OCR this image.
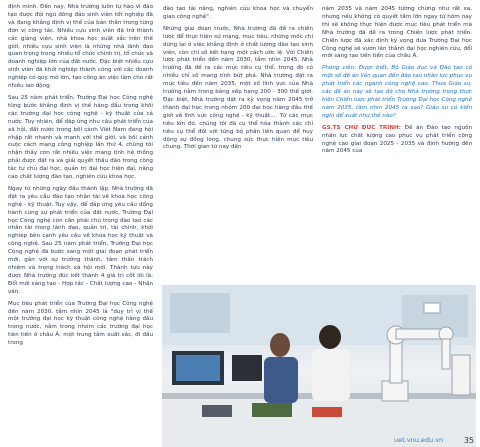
định mình. Đến nay, Nhà trường luôn tự hào vì đào tạo được đội ngũ đông đảo sinh viên tốt nghiệp đã và đang khẳng định vị thế của bản thân trong từng đơn vị công tác. Nhiều cựu sinh viên đã trở thành các giảng viên, nhà khoa học xuất sắc trên thế giới, nhiều cựu sinh viên là những nhà lãnh đạo quan trọng trong nhiều tổ chức chính trị, tổ chức và doanh nghiệp lớn của đất nước. Đặc biệt nhiều cựu sinh viên đã khởi nghiệp thành công với các doanh nghiệp có quy mô lớn, tạo công ăn việc làm cho rất nhiều lao động.

Sau 25 năm phát triển, Trường Đại học Công nghệ từng bước khẳng định vị thế hàng đầu trong khối các trường đại học công nghệ - kỹ thuật của cả nước. Tuy nhiên, để đáp ứng nhu cầu phát triển của xã hội, đất nước trong bối cảnh Việt Nam đang hội nhập rất nhanh và mạnh với thế giới, và bối cảnh cuộc cách mạng công nghiệp lần thứ 4, chúng tôi nhận thấy còn rất nhiều việc mang tính hệ thống phải được đặt ra và giải quyết thấu đáo trong công tác tự chủ đại học, quản trị đại học hiện đại, nâng cao chất lượng đào tạo, nghiên cứu khoa học.

Ngay từ những ngày đầu thành lập, Nhà trường đã đặt ra yêu cầu đào tạo nhân tài về khoa học công nghệ - kỹ thuật. Tuy vậy, để đáp ứng yêu cầu đổng hành cùng sự phát triển của đất nước, Trường Đại học Công nghệ còn cần phải chú trọng đào tạo các nhân tài trong lãnh đạo, quản trị, tài chính, khởi nghiệp bên cạnh yêu cầu về khoa học kỹ thuật và công nghệ. Sau 25 năm phát triển, Trường Đại học Công nghệ đã bước sang một giai đoạn phát triển mới, gắn với sự trưởng thành, tầm thân trách nhiệm và trọng trách xã hội mới. Thành tựu này được Nhà trường đúc kết thành 4 giá trị cốt lõi là: Đổi mới sáng tạo - Hợp tác - Chất lượng cao - Nhân văn.

Mục tiêu phát triển của Trường Đại học Công nghệ đến năm 2030, tầm nhìn 2045 là "duy trì vị thế một trường đại học kỹ thuật công nghệ hàng đầu trong nước, nằm trong nhóm các trường đại học tiên tiến ở châu Á; một trung tâm xuất sắc, đi đầu trong

đào tạo tài năng, nghiên cứu khoa học và chuyển giao công nghệ".

Những giai đoạn trước, Nhà trường đã đề ra chiến lược để thực hiện sứ mạng, mục tiêu, những mốc chỉ dừng lại ở việc khẳng định ở chất lượng đào tạo sinh viên, còn chỉ số kết hạng một cách ước lệ. Với Chiến lược phát triển đến năm 2030, tầm nhìn 2045, Nhà trường đã đề ra các mục tiêu cụ thể, trong đó có nhiều chỉ số mang tính bứt phá. Nhà trường đặt ra mục tiêu đến năm 2035, một số lĩnh vực của Nhà trường nằm trong bảng xếp hạng 200 - 300 thế giới. Đặc biệt, Nhà trường đặt ra kỳ vọng năm 2045 trở thành đại học trong nhóm 200 đại học hàng đầu thế giới về lĩnh vực công nghệ - kỹ thuật,... Từ các mục tiêu lớn đó, chúng tôi đã cụ thể hóa thành các chỉ tiêu cụ thể đối với từng bộ phận liên quan để huy động sự đồng lòng, chung sức thực hiện mục tiêu chung. Thời gian từ nay đến

năm 2035 và năm 2045 tưởng chừng như rất xa, nhưng nếu không có quyết tâm lớn ngay từ hôm nay thì sẽ không thực hiện được mục tiêu phát triển mà Nhà trường đã đề ra trong Chiến lược phát triển. Chiến lược đã xác định kỳ vọng đưa Trường Đại học Công nghệ sẽ vươn lên thành đại học nghiên cứu, đổi mới sáng tạo tiến tiến của châu Á.

Phóng viên: Được biết, Bộ Giáo dục và Đào tạo có một số đề án liên quan đến đào tạo nhân lực phục vụ phát triển các ngành công nghệ cao. Thưa Giáo sư, các đề án này sẽ tạo đà cho Nhà trường trong thực hiện Chiến lược phát triển Trường Đại học Công nghệ năm 2035, tầm nhìn 2045 ra sao? Giáo sư có kiến nghị để xuất như thế nào?

GS.TS CHỬ ĐỨC TRÌNH: Đề án Đào tạo nguồn nhân lực chất lượng cao phục vụ phát triển công nghệ cao giai đoạn 2025 - 2035 và định hướng đến năm 2045 của

uet.vnu.edu.vn	35
